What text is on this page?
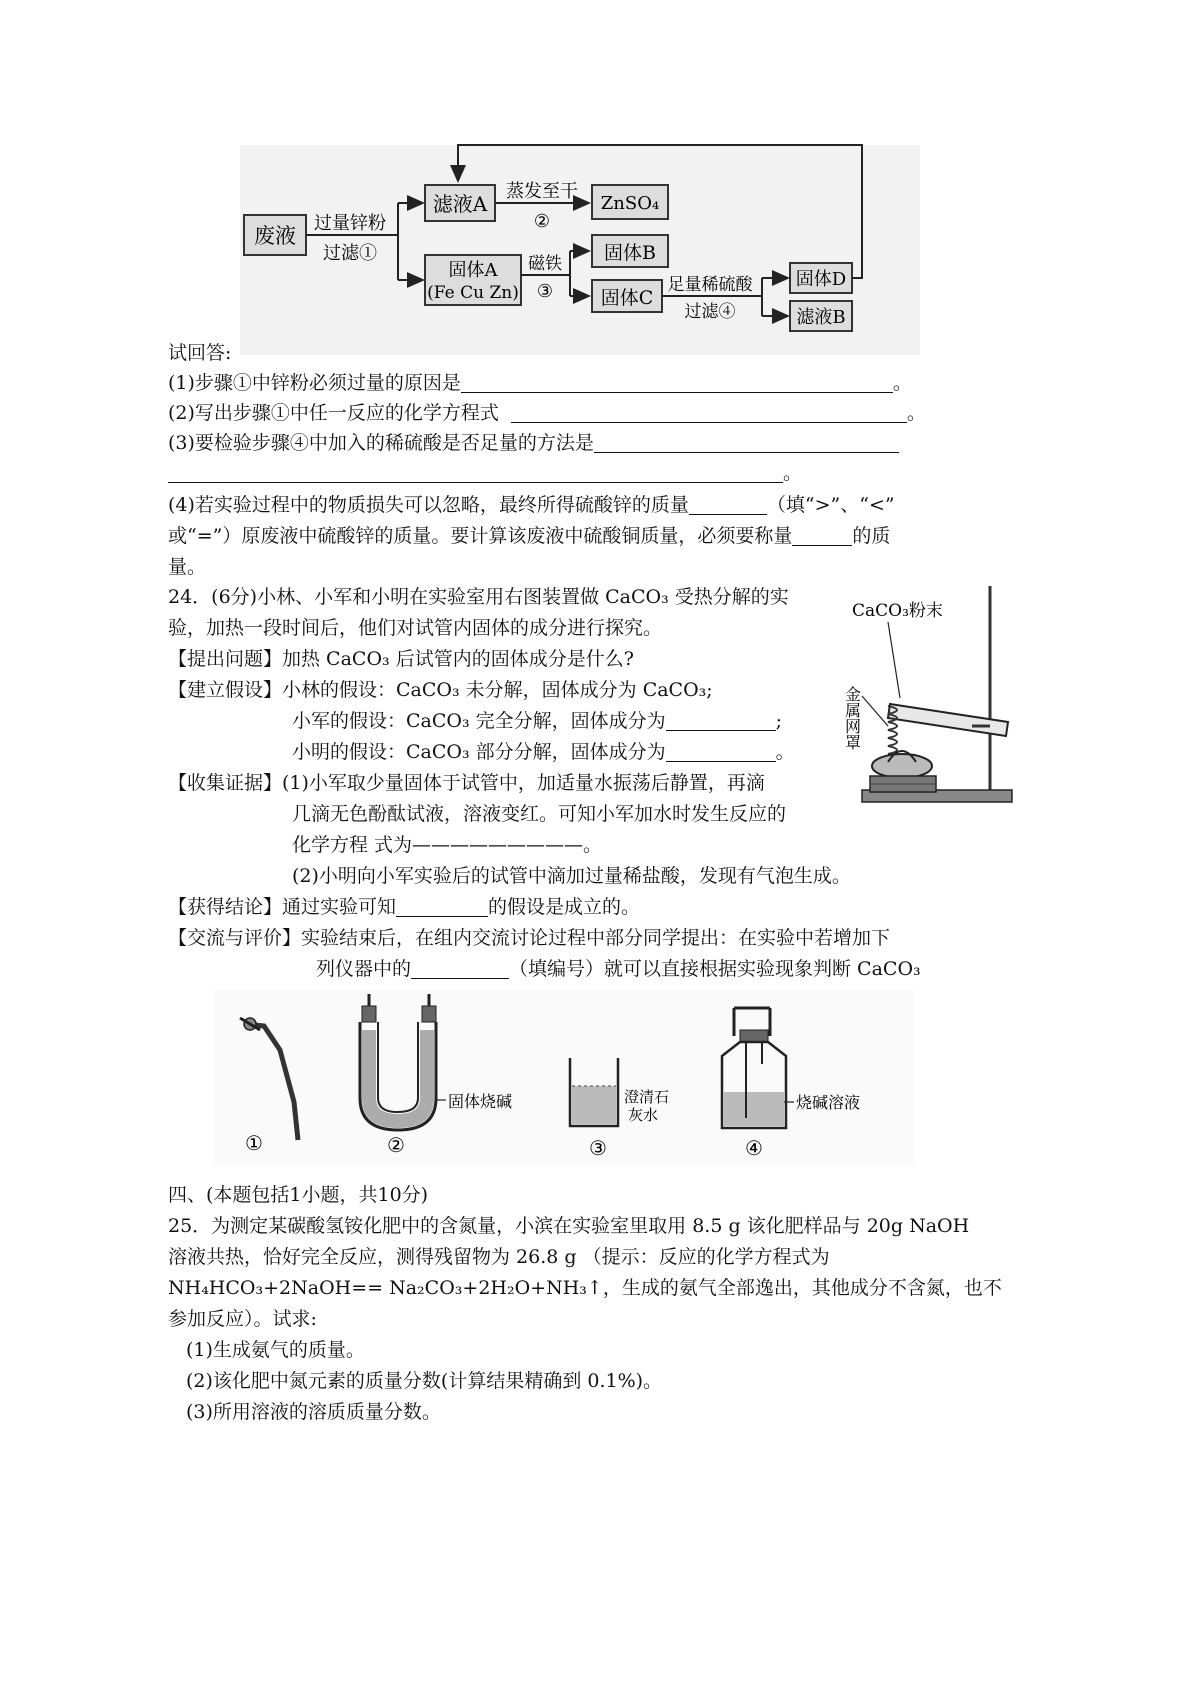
废液
滤液A	ZnSO₄
固体A
(Fe Cu Zn)
固体B
固体C
固体D
滤液B
过量锌粉
过滤①
蒸发至干
②
磁铁
③	足量稀硫酸
过滤④
试回答:
(1)步骤①中锌粉必须过量的原因是	。
(2)写出步骤①中任一反应的化学方程式	。
(3)要检验步骤④中加入的稀硫酸是否足量的方法是
。
(4)若实验过程中的物质损失可以忽略，最终所得硫酸锌的质量	（填“>”、“<”
或“=”）原废液中硫酸锌的质量。要计算该废液中硫酸铜质量，必须要称量	的质
量。
24．(6分)小林、小军和小明在实验室用右图装置做 CaCO₃ 受热分解的实
验，加热一段时间后，他们对试管内固体的成分进行探究。
【提出问题】加热 CaCO₃ 后试管内的固体成分是什么?
【建立假设】小林的假设：CaCO₃ 未分解，固体成分为 CaCO₃;
小军的假设：CaCO₃ 完全分解，固体成分为	;
小明的假设：CaCO₃ 部分分解，固体成分为	。
【收集证据】(1)小军取少量固体于试管中，加适量水振荡后静置，再滴
几滴无色酚酞试液，溶液变红。可知小军加水时发生反应的
化学方程 式为—————————。
(2)小明向小军实验后的试管中滴加过量稀盐酸，发现有气泡生成。
【获得结论】通过实验可知	的假设是成立的。
【交流与评价】实验结束后，在组内交流讨论过程中部分同学提出：在实验中若增加下
列仪器中的	（填编号）就可以直接根据实验现象判断 CaCO₃
CaCO₃粉末
金属网罩
①
固体烧碱
②
澄清石
灰水
③
烧碱溶液
④
四、(本题包括1小题，共10分)
25．为测定某碳酸氢铵化肥中的含氮量，小滨在实验室里取用 8.5 g 该化肥样品与 20g NaOH
溶液共热，恰好完全反应，测得残留物为 26.8 g （提示：反应的化学方程式为
NH₄HCO₃+2NaOH== Na₂CO₃+2H₂O+NH₃↑，生成的氨气全部逸出，其他成分不含氮，也不
参加反应）。试求:
(1)生成氨气的质量。
(2)该化肥中氮元素的质量分数(计算结果精确到 0.1%)。
(3)所用溶液的溶质质量分数。
